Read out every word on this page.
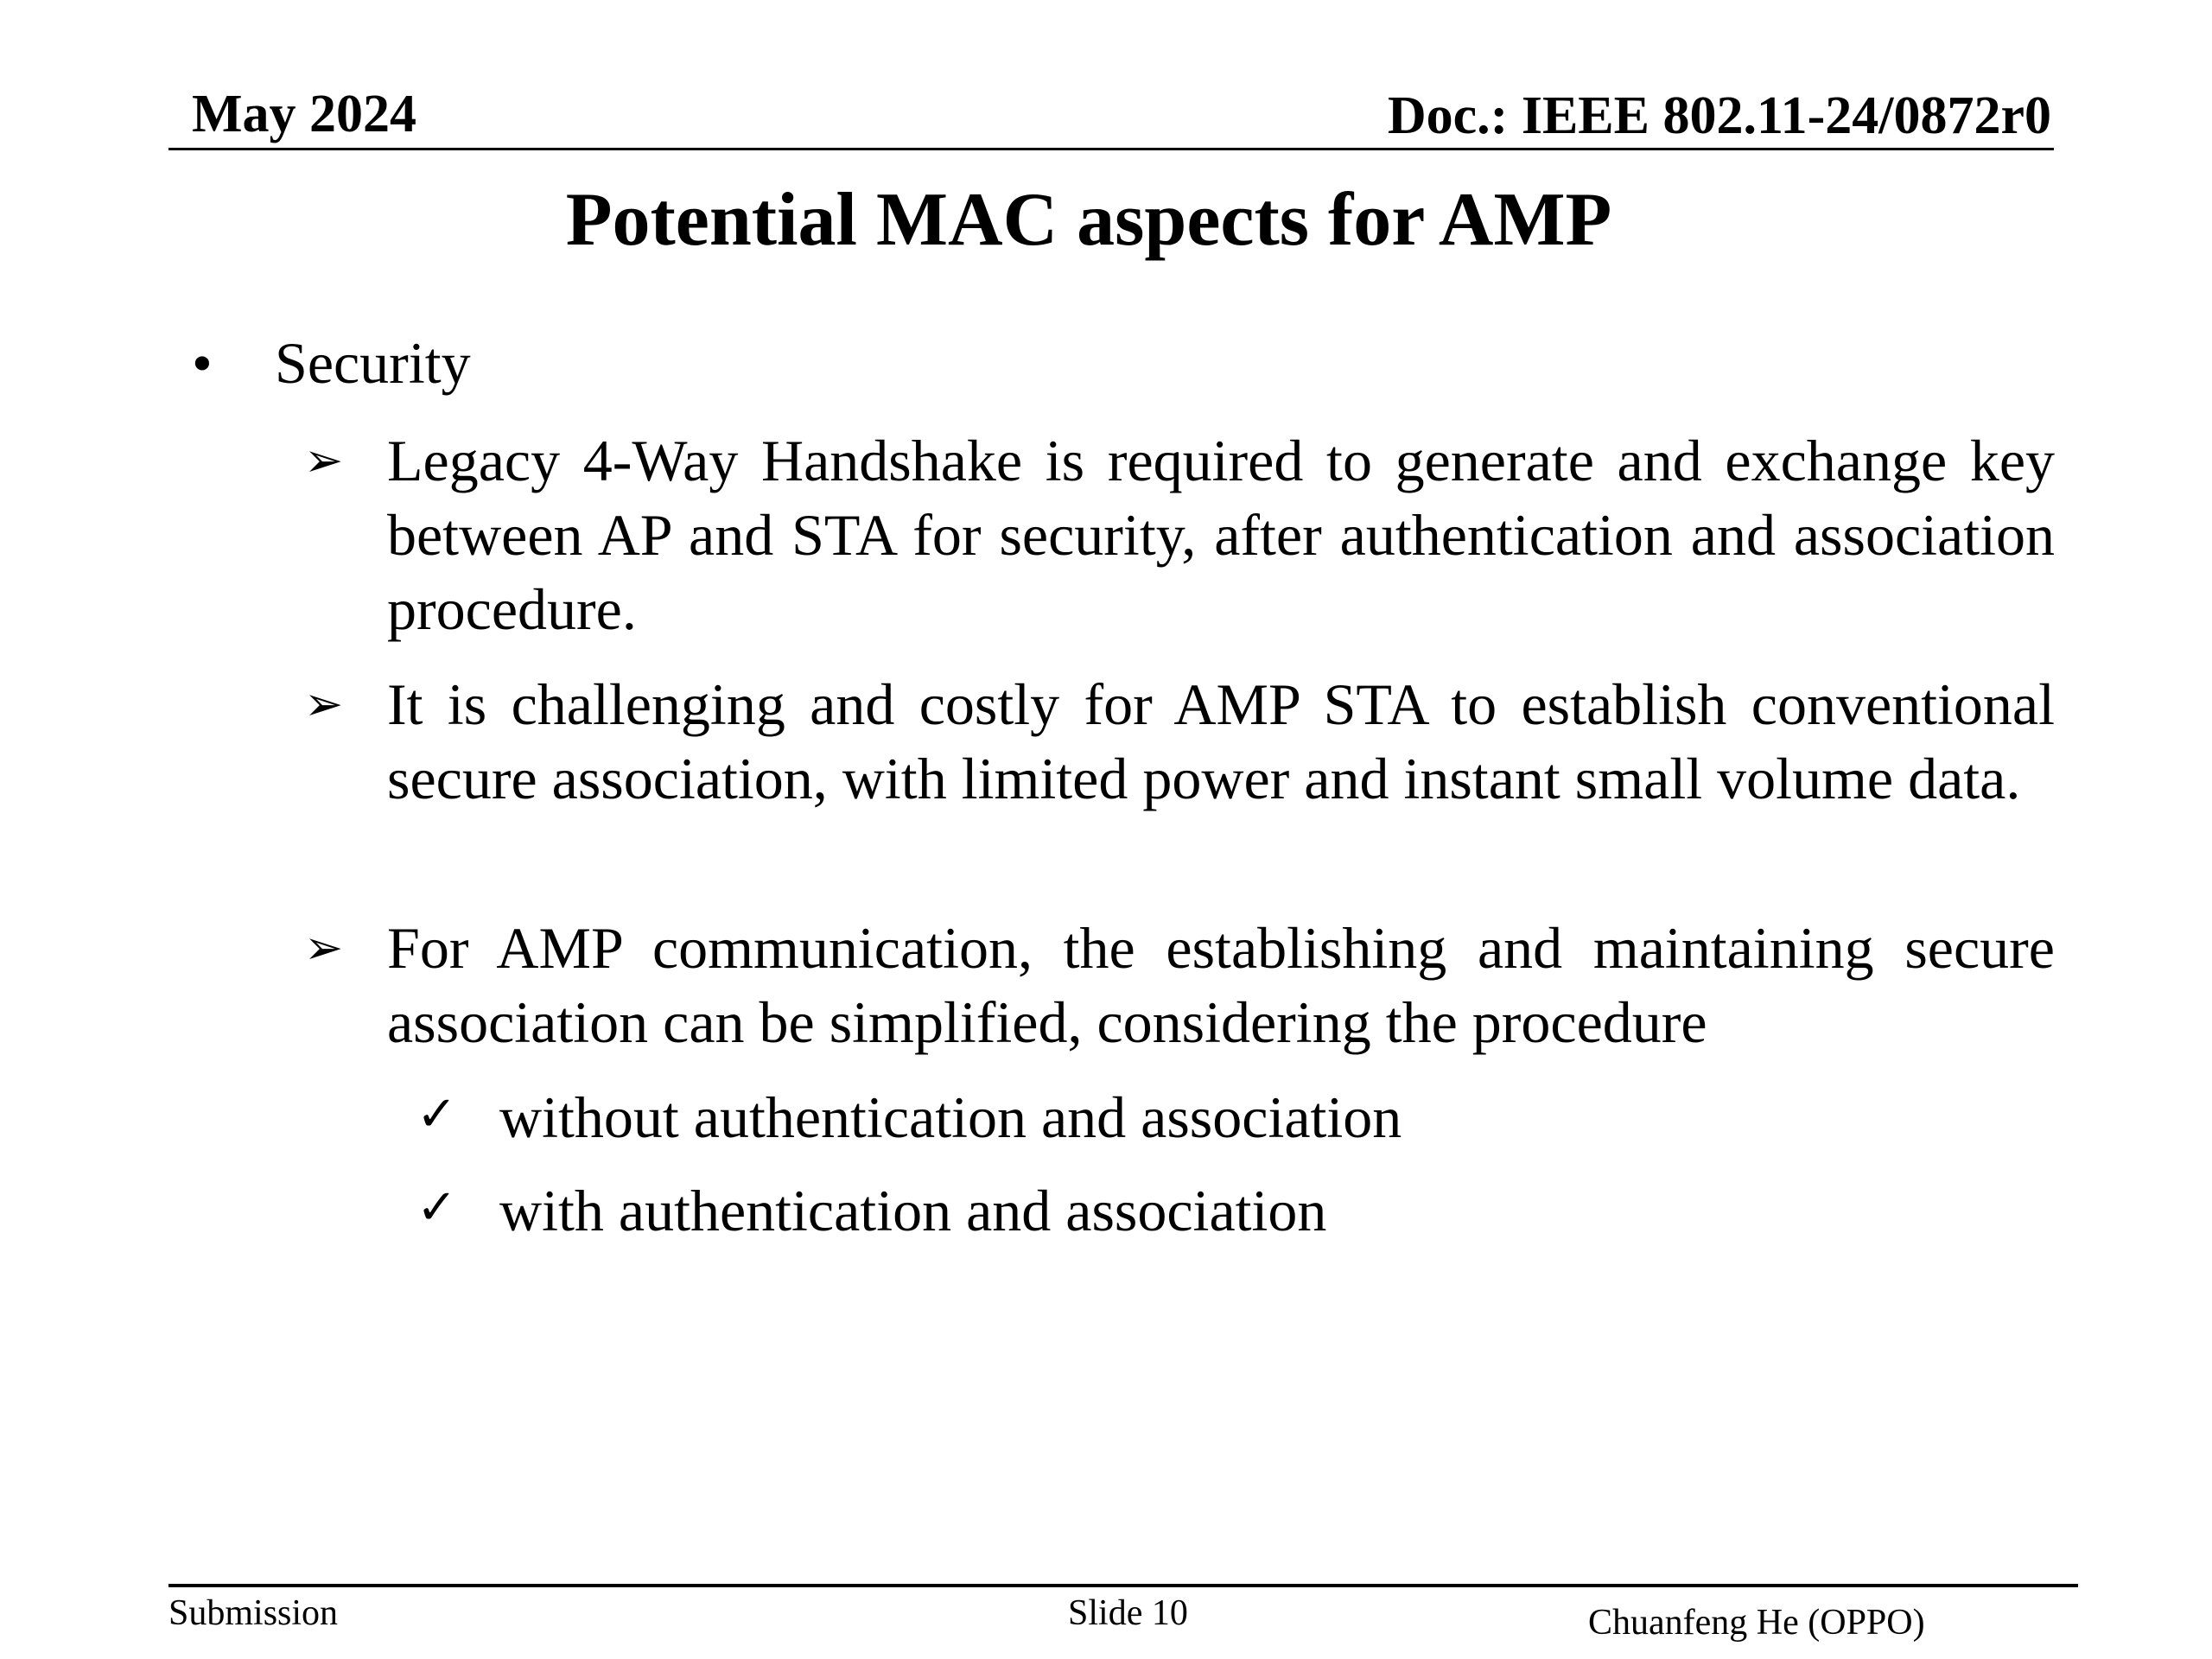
May 2024	Doc.: IEEE 802.11-24/0872r0
Potential MAC aspects for AMP
•	Security
➢ Legacy 4-Way Handshake is required to generate and exchange key between AP and STA for security, after authentication and association procedure.
➢ It is challenging and costly for AMP STA to establish conventional secure association, with limited power and instant small volume data.
➢ For AMP communication, the establishing and maintaining secure association can be simplified, considering the procedure
✓ without authentication and association
✓ with authentication and association
Submission	Slide 10	Chuanfeng He (OPPO)
